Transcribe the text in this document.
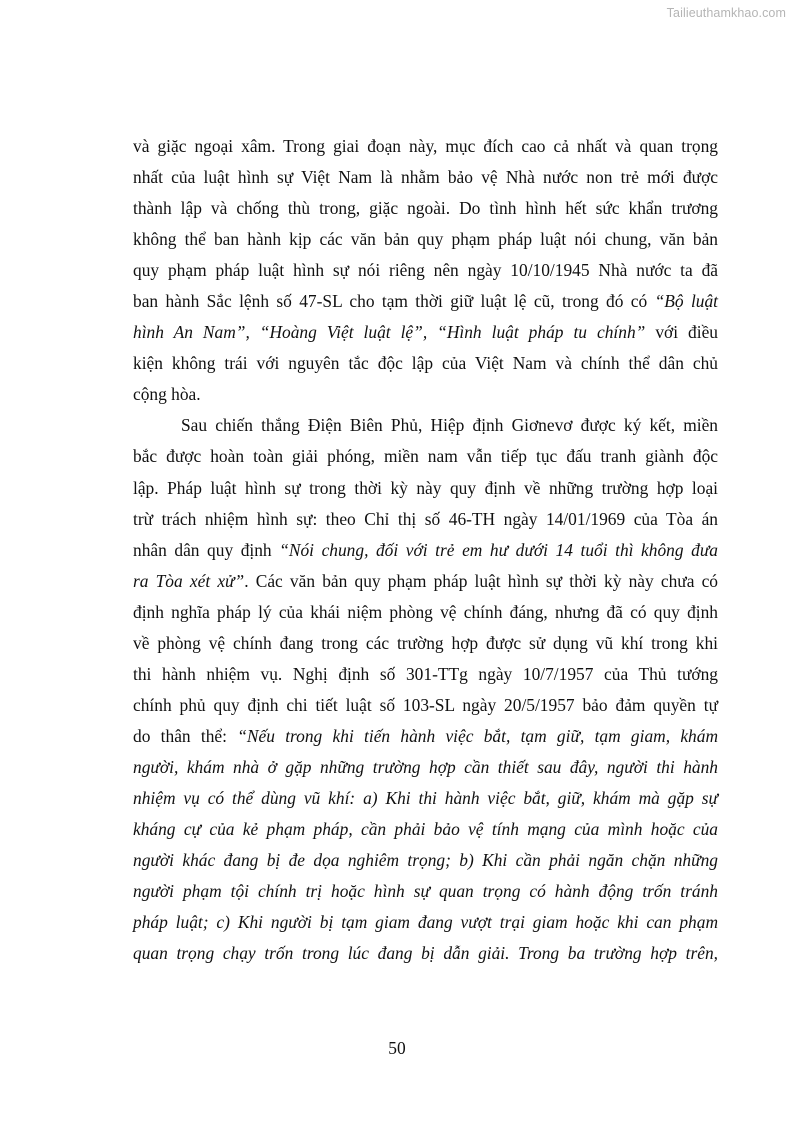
Tailieuthamkhao.com
và giặc ngoại xâm. Trong giai đoạn này, mục đích cao cả nhất và quan trọng
nhất của luật hình sự Việt Nam là nhằm bảo vệ Nhà nước non trẻ mới được
thành lập và chống thù trong, giặc ngoài. Do tình hình hết sức khẩn trương
không thể ban hành kịp các văn bản quy phạm pháp luật nói chung, văn bản
quy phạm pháp luật hình sự nói riêng nên ngày 10/10/1945 Nhà nước ta đã
ban hành Sắc lệnh số 47-SL cho tạm thời giữ luật lệ cũ, trong đó có “Bộ luật
hình An Nam”, “Hoàng Việt luật lệ”, “Hình luật pháp tu chính” với điều
kiện không trái với nguyên tắc độc lập của Việt Nam và chính thể dân chủ
cộng hòa.
Sau chiến thắng Điện Biên Phủ, Hiệp định Giơnevơ được ký kết, miền
bắc được hoàn toàn giải phóng, miền nam vẫn tiếp tục đấu tranh giành độc
lập. Pháp luật hình sự trong thời kỳ này quy định về những trường hợp loại
trừ trách nhiệm hình sự: theo Chỉ thị số 46-TH ngày 14/01/1969 của Tòa án
nhân dân quy định “Nói chung, đối với trẻ em hư dưới 14 tuổi thì không đưa
ra Tòa xét xử”. Các văn bản quy phạm pháp luật hình sự thời kỳ này chưa có
định nghĩa pháp lý của khái niệm phòng vệ chính đáng, nhưng đã có quy định
về phòng vệ chính đang trong các trường hợp được sử dụng vũ khí trong khi
thi hành nhiệm vụ. Nghị định số 301-TTg ngày 10/7/1957 của Thủ tướng
chính phủ quy định chi tiết luật số 103-SL ngày 20/5/1957 bảo đảm quyền tự
do thân thể: “Nếu trong khi tiến hành việc bắt, tạm giữ, tạm giam, khám
người, khám nhà ở gặp những trường hợp cần thiết sau đây, người thi hành
nhiệm vụ có thể dùng vũ khí: a) Khi thi hành việc bắt, giữ, khám mà gặp sự
kháng cự của kẻ phạm pháp, cần phải bảo vệ tính mạng của mình hoặc của
người khác đang bị đe dọa nghiêm trọng; b) Khi cần phải ngăn chặn những
người phạm tội chính trị hoặc hình sự quan trọng có hành động trốn tránh
pháp luật; c) Khi người bị tạm giam đang vượt trại giam hoặc khi can phạm
quan trọng chạy trốn trong lúc đang bị dẫn giải. Trong ba trường hợp trên,
50
